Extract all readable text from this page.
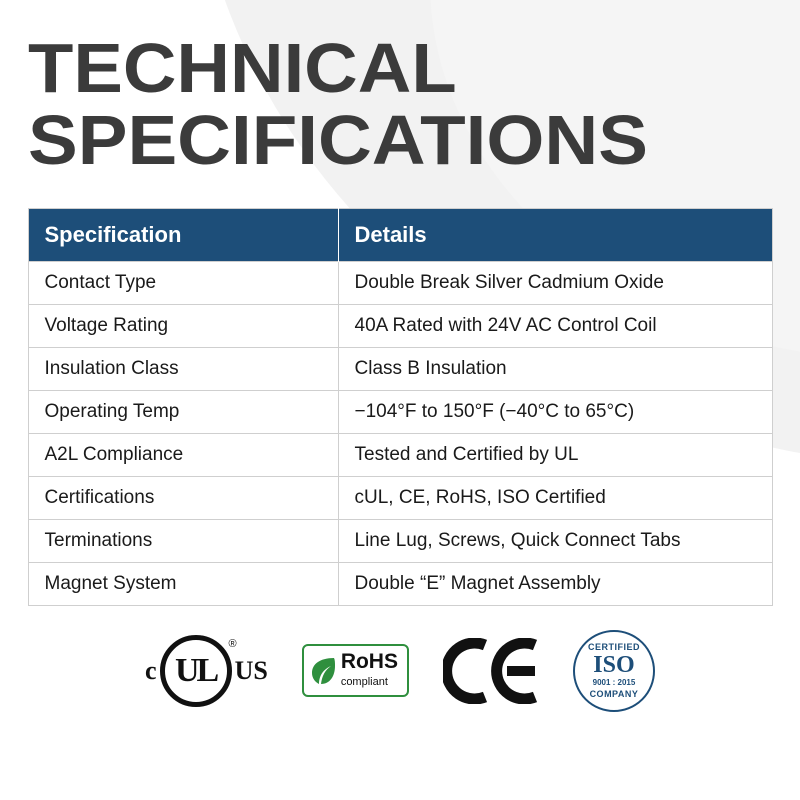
TECHNICAL
SPECIFICATIONS
Specification	Details
Contact Type	Double Break Silver Cadmium Oxide
Voltage Rating	40A Rated with 24V AC Control Coil
Insulation Class	Class B Insulation
Operating Temp	−104°F to 150°F (−40°C to 65°C)
A2L Compliance	Tested and Certified by UL
Certifications	cUL, CE, RoHS, ISO Certified
Terminations	Line Lug, Screws, Quick Connect Tabs
Magnet System	Double “E” Magnet Assembly
c UL
®
US	RoHS
compliant
CERTIFIED
ISO
9001 : 2015
COMPANY
